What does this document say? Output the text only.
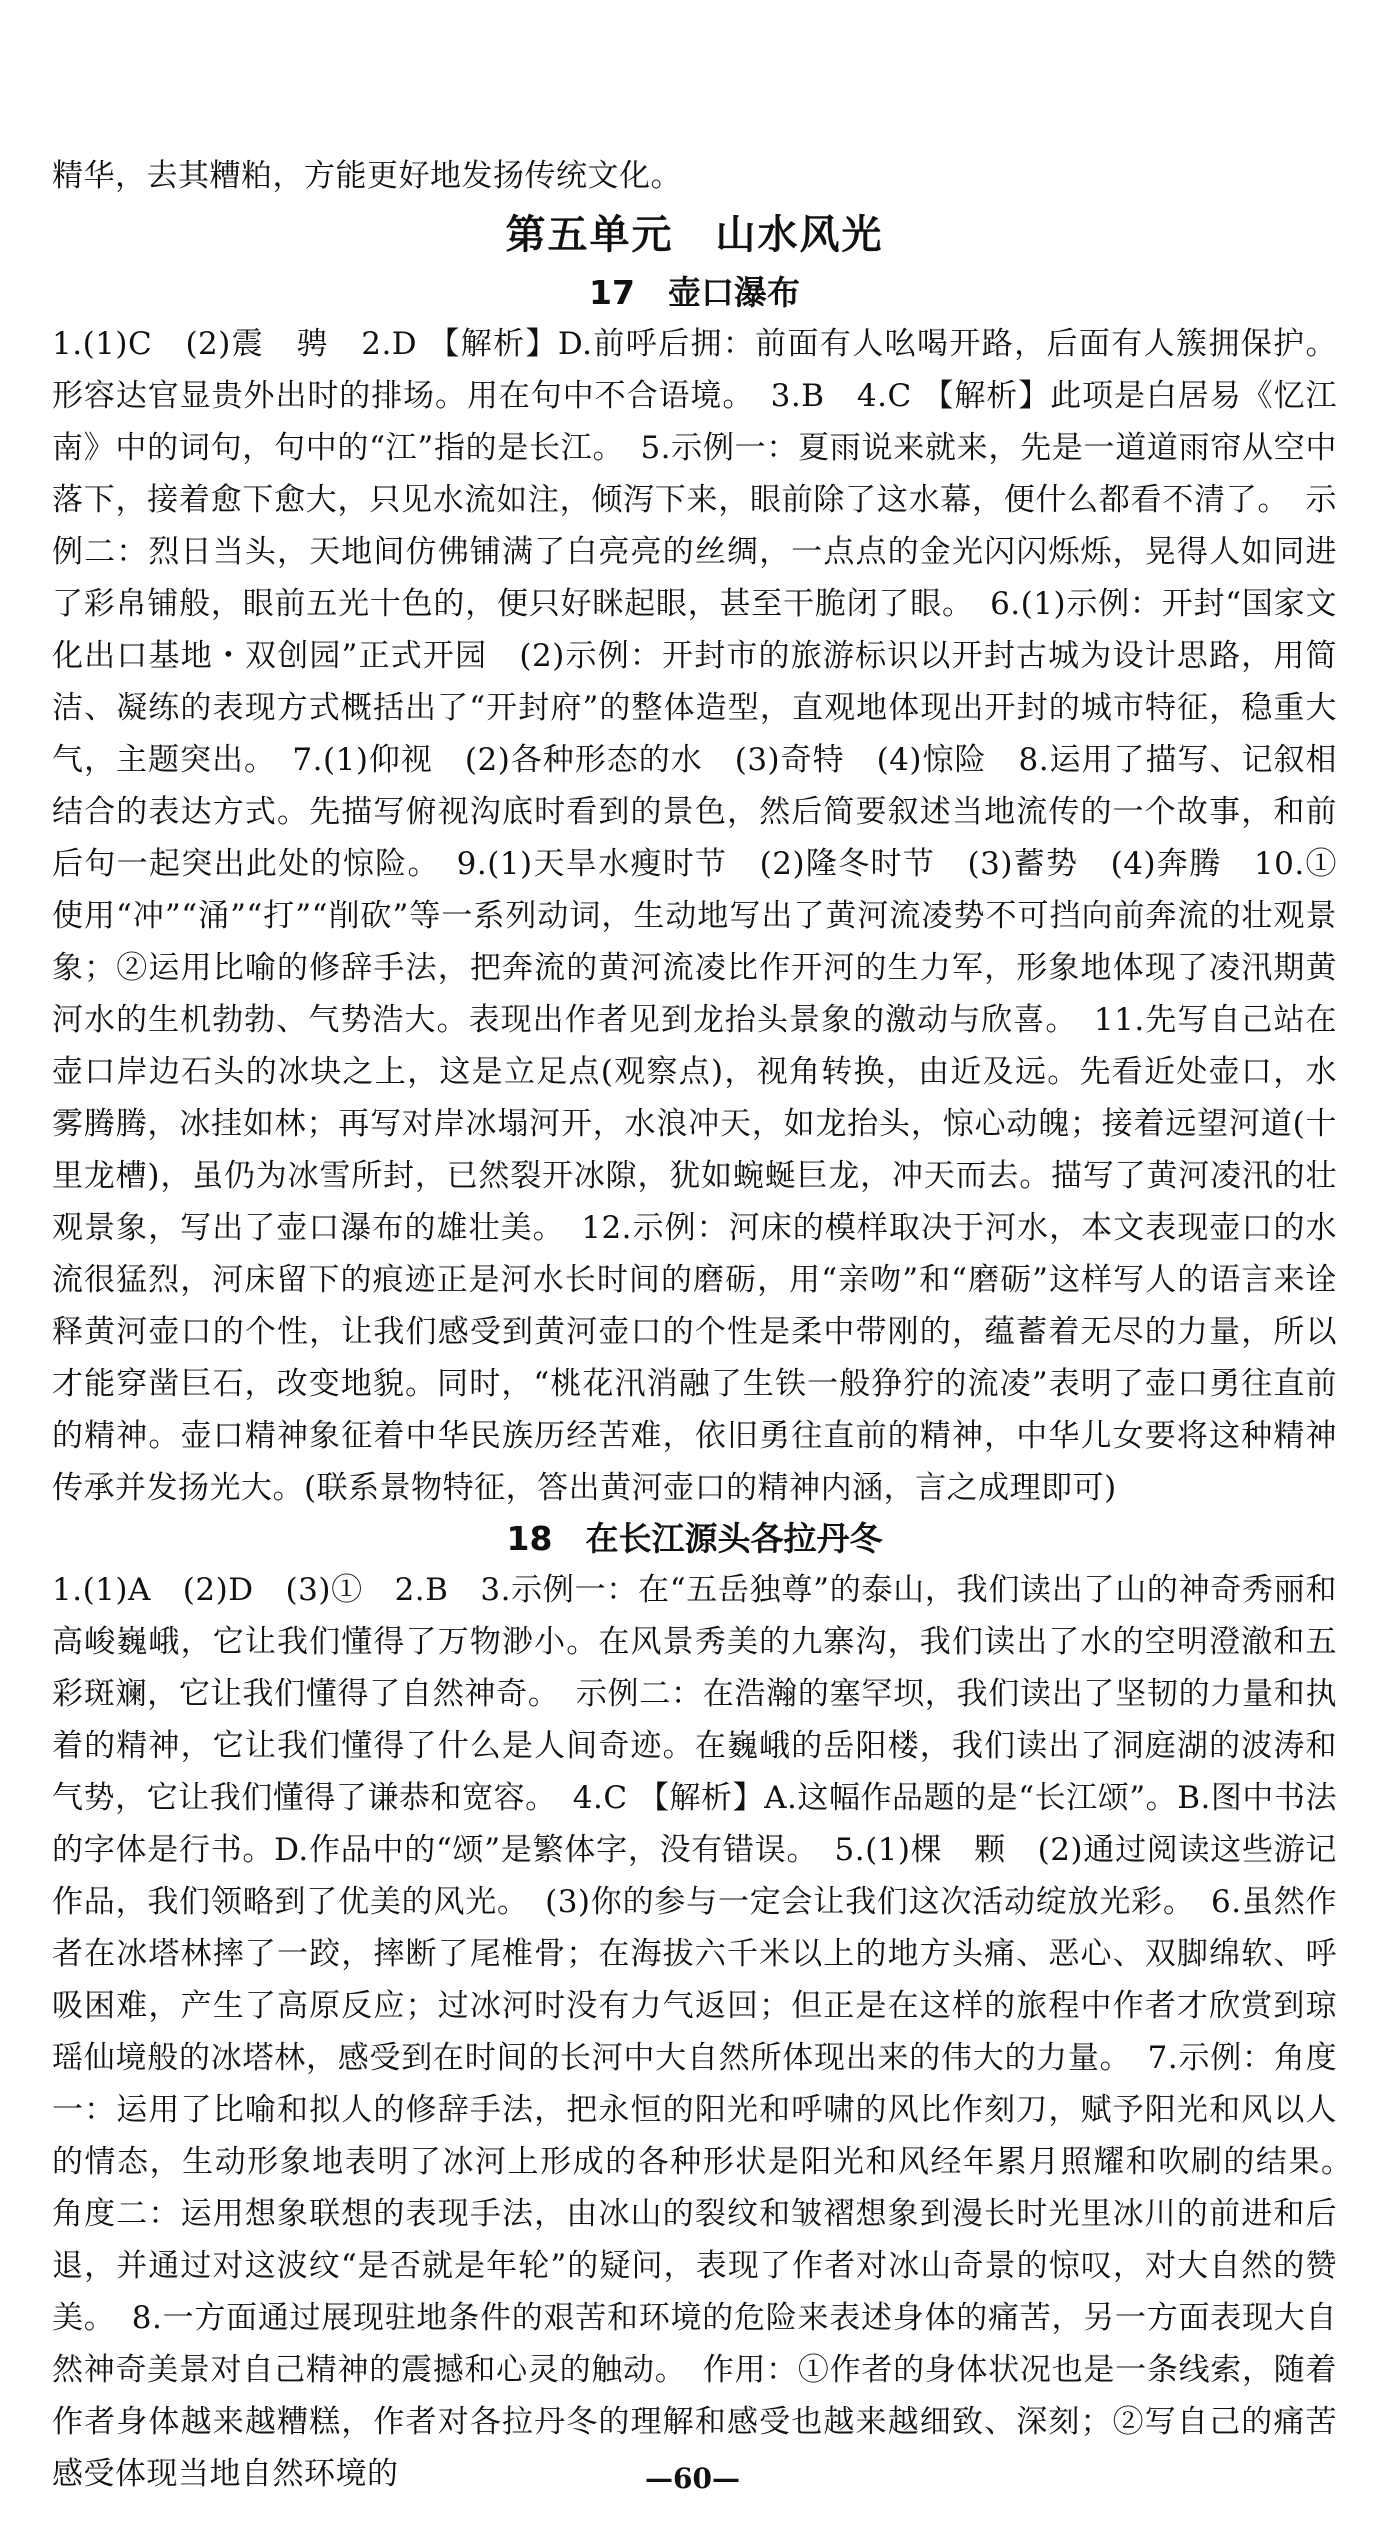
精华，去其糟粕，方能更好地发扬传统文化。

第五单元　山水风光
17　壶口瀑布

1.(1)C　(2)震　骋　2.D 【解析】D.前呼后拥：前面有人吆喝开路，后面有人簇拥保护。形容达官显贵外出时的排场。用在句中不合语境。　3.B　4.C 【解析】此项是白居易《忆江南》中的词句，句中的“江”指的是长江。　5.示例一：夏雨说来就来，先是一道道雨帘从空中落下，接着愈下愈大，只见水流如注，倾泻下来，眼前除了这水幕，便什么都看不清了。　示例二：烈日当头，天地间仿佛铺满了白亮亮的丝绸，一点点的金光闪闪烁烁，晃得人如同进了彩帛铺般，眼前五光十色的，便只好眯起眼，甚至干脆闭了眼。　6.(1)示例：开封“国家文化出口基地・双创园”正式开园　(2)示例：开封市的旅游标识以开封古城为设计思路，用简洁、凝练的表现方式概括出了“开封府”的整体造型，直观地体现出开封的城市特征，稳重大气，主题突出。　7.(1)仰视　(2)各种形态的水　(3)奇特　(4)惊险　8.运用了描写、记叙相结合的表达方式。先描写俯视沟底时看到的景色，然后简要叙述当地流传的一个故事，和前后句一起突出此处的惊险。　9.(1)天旱水瘦时节　(2)隆冬时节　(3)蓄势　(4)奔腾　10.①使用“冲”“涌”“打”“削砍”等一系列动词，生动地写出了黄河流凌势不可挡向前奔流的壮观景象；②运用比喻的修辞手法，把奔流的黄河流凌比作开河的生力军，形象地体现了凌汛期黄河水的生机勃勃、气势浩大。表现出作者见到龙抬头景象的激动与欣喜。　11.先写自己站在壶口岸边石头的冰块之上，这是立足点(观察点)，视角转换，由近及远。先看近处壶口，水雾腾腾，冰挂如林；再写对岸冰塌河开，水浪冲天，如龙抬头，惊心动魄；接着远望河道(十里龙槽)，虽仍为冰雪所封，已然裂开冰隙，犹如蜿蜒巨龙，冲天而去。描写了黄河凌汛的壮观景象，写出了壶口瀑布的雄壮美。　12.示例：河床的模样取决于河水，本文表现壶口的水流很猛烈，河床留下的痕迹正是河水长时间的磨砺，用“亲吻”和“磨砺”这样写人的语言来诠释黄河壶口的个性，让我们感受到黄河壶口的个性是柔中带刚的，蕴蓄着无尽的力量，所以才能穿凿巨石，改变地貌。同时，“桃花汛消融了生铁一般狰狞的流凌”表明了壶口勇往直前的精神。壶口精神象征着中华民族历经苦难，依旧勇往直前的精神，中华儿女要将这种精神传承并发扬光大。(联系景物特征，答出黄河壶口的精神内涵，言之成理即可)

18　在长江源头各拉丹冬

1.(1)A　(2)D　(3)①　2.B　3.示例一：在“五岳独尊”的泰山，我们读出了山的神奇秀丽和高峻巍峨，它让我们懂得了万物渺小。在风景秀美的九寨沟，我们读出了水的空明澄澈和五彩斑斓，它让我们懂得了自然神奇。　示例二：在浩瀚的塞罕坝，我们读出了坚韧的力量和执着的精神，它让我们懂得了什么是人间奇迹。在巍峨的岳阳楼，我们读出了洞庭湖的波涛和气势，它让我们懂得了谦恭和宽容。　4.C 【解析】A.这幅作品题的是“长江颂”。B.图中书法的字体是行书。D.作品中的“颂”是繁体字，没有错误。　5.(1)棵　颗　(2)通过阅读这些游记作品，我们领略到了优美的风光。　(3)你的参与一定会让我们这次活动绽放光彩。　6.虽然作者在冰塔林摔了一跤，摔断了尾椎骨；在海拔六千米以上的地方头痛、恶心、双脚绵软、呼吸困难，产生了高原反应；过冰河时没有力气返回；但正是在这样的旅程中作者才欣赏到琼瑶仙境般的冰塔林，感受到在时间的长河中大自然所体现出来的伟大的力量。　7.示例：角度一：运用了比喻和拟人的修辞手法，把永恒的阳光和呼啸的风比作刻刀，赋予阳光和风以人的情态，生动形象地表明了冰河上形成的各种形状是阳光和风经年累月照耀和吹刷的结果。　角度二：运用想象联想的表现手法，由冰山的裂纹和皱褶想象到漫长时光里冰川的前进和后退，并通过对这波纹“是否就是年轮”的疑问，表现了作者对冰山奇景的惊叹，对大自然的赞美。　8.一方面通过展现驻地条件的艰苦和环境的危险来表述身体的痛苦，另一方面表现大自然神奇美景对自己精神的震撼和心灵的触动。　作用：①作者的身体状况也是一条线索，随着作者身体越来越糟糕，作者对各拉丹冬的理解和感受也越来越细致、深刻；②写自己的痛苦感受体现当地自然环境的	—60—
